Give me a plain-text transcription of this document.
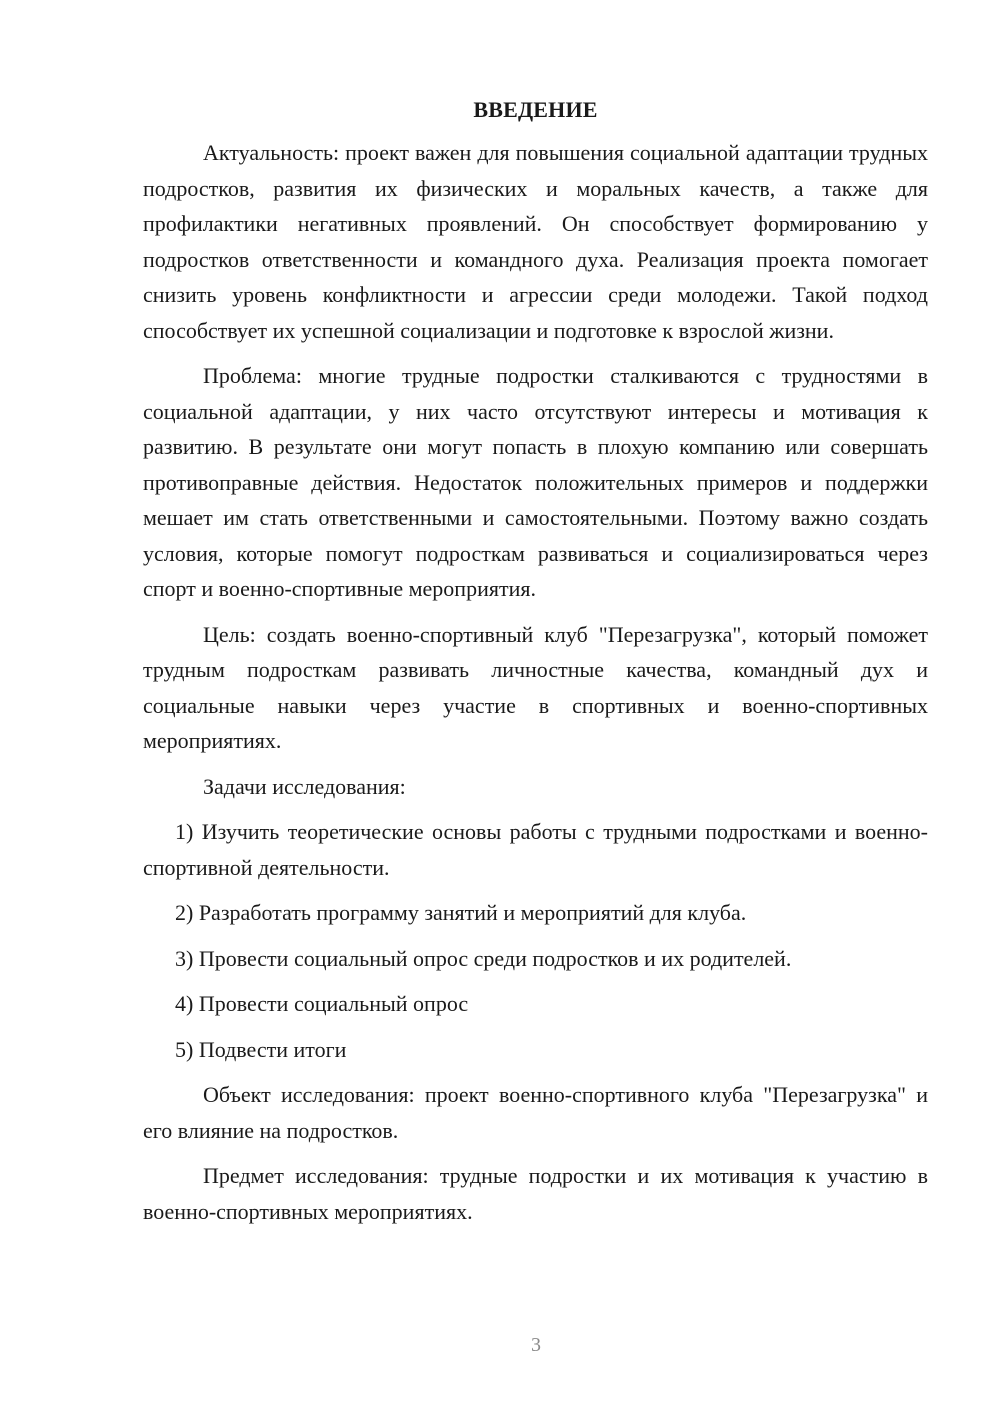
ВВЕДЕНИЕ

Актуальность: проект важен для повышения социальной адаптации трудных подростков, развития их физических и моральных качеств, а также для профилактики негативных проявлений. Он способствует формированию у подростков ответственности и командного духа. Реализация проекта помогает снизить уровень конфликтности и агрессии среди молодежи. Такой подход способствует их успешной социализации и подготовке к взрослой жизни.

Проблема: многие трудные подростки сталкиваются с трудностями в социальной адаптации, у них часто отсутствуют интересы и мотивация к развитию. В результате они могут попасть в плохую компанию или совершать противоправные действия. Недостаток положительных примеров и поддержки мешает им стать ответственными и самостоятельными. Поэтому важно создать условия, которые помогут подросткам развиваться и социализироваться через спорт и военно-спортивные мероприятия.

Цель: создать военно-спортивный клуб "Перезагрузка", который поможет трудным подросткам развивать личностные качества, командный дух и социальные навыки через участие в спортивных и военно-спортивных мероприятиях.

Задачи исследования:

1) Изучить теоретические основы работы с трудными подростками и военно-спортивной деятельности.

2) Разработать программу занятий и мероприятий для клуба.

3) Провести социальный опрос среди подростков и их родителей.

4) Провести социальный опрос

5) Подвести итоги

Объект исследования: проект военно-спортивного клуба "Перезагрузка" и его влияние на подростков.

Предмет исследования: трудные подростки и их мотивация к участию в военно-спортивных мероприятиях.

3
